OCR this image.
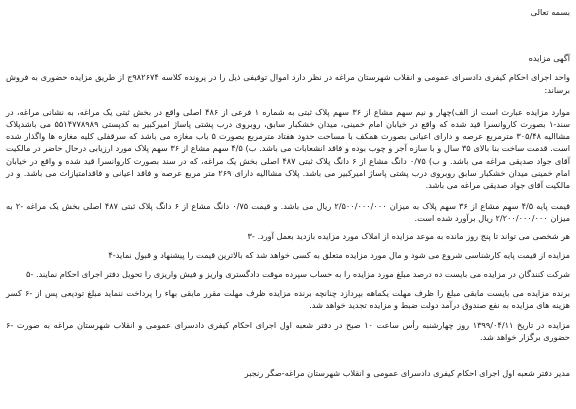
بسمه تعالی
آگهی مزایده
واحد اجرای احکام کیفری دادسرای عمومی و انقلاب شهرستان مراغه در نظر دارد اموال توقیفی ذیل را در پرونده کلاسه ۹۸۲۶۷۴ج از طریق مزایده حضوری به فروش برساند:
موارد مزایده عبارت است از الف)چهار و نیم سهم مشاع از ۳۶ سهم پلاک ثبتی به شماره ۱ فرعی از ۴۸۶ اصلی واقع در بخش ثبتی یک مراغه، به نشانی مراغه، در سند-۱ بصورت کاروانسرا قید شده که واقع در خیابان امام خمینی، میدان خشکبار سابق، روبروی درب پشتی پاساژ امیرکبیر به کدپستی ۵۵۱۴۷۷۸۹۸۹ می باشدپلاک مشاالیه ۳۰۵/۴۸ مترمربع عرصه و دارای اعیانی بصورت همکف با مساحت حدود هفتاد مترمربع بصورت ۵ باب مغازه می باشد که سرقفلی کلیه مغازه ها واگذار شده است. قدمت ساخت بنا بالای ۳۵ سال و با سازه آجر و چوب بوده و فاقد انشعابات می باشد. ب) ۴/۵ سهم مشاع از ۳۶ سهم پلاک مورد ارزیابی درحال حاضر در مالکیت آقای جواد صدیقی مراغه می باشد. و ب) ۰/۷۵ دانگ مشاع از ۶ دانگ پلاک ثبتی ۴۸۷ اصلی بخش یک مراغه، که در سند بصورت کاروانسرا قید شده و واقع در خیابان امام خمینی میدان خشکبار سابق روبروی درب پشتی پاساژ امیرکبیر می باشد. پلاک مشاالیه دارای ۲۶۹ متر مربع عرصه و فاقد اعیانی و فاقدامتیازات می باشد. و در مالکیت آقای جواد صدیقی مراغه می باشد.
قیمت پایه ۴/۵ سهم مشاع از ۳۶ سهم پلاک به میزان ۲/۵۰۰/۰۰۰/۰۰۰ ریال می باشد. و قیمت ۰/۷۵ دانگ مشاع از ۶ دانگ پلاک ثبتی ۴۸۷ اصلی بخش یک مراغه -۲ به میزان ۲/۲۰۰/۰۰۰/۰۰۰ ریال برآورد شده است.
هر شخصی می تواند تا پنج روز مانده به موعد مزایده از املاک مورد مزایده بازدید بعمل آورد. -۳
مزایده از قیمت پایه کارشناسی شروع می شود و مال مورد مزایده متعلق به کسی خواهد شد که بالاترین قیمت را پیشنهاد و قبول نماید-۴
شرکت کنندگان در مزایده می بایست ده درصد مبلغ مورد مزایده را به حساب سپرده موقت دادگستری واریز و فیش واریزی را تحویل دفتر اجرای احکام نمایند. -۵
برنده مزایده می بایست مابقی مبلغ را ظرف مهلت یکماهه بپردازد چنانچه برنده مزایده ظرف مهلت مقرر مابقی بهاء را پرداخت ننماید مبلغ تودیعی پس از -۶ کسر هزینه های مزایده به نفع صندوق درآمد دولت ضبط و مزایده تجدید خواهد شد.
مزایده در تاریخ ۱۳۹۹/۰۴/۱۱ روز چهارشنبه رأس ساعت ۱۰ صبح در دفتر شعبه اول اجرای احکام کیفری دادسرای عمومی و انقلاب شهرستان مراغه به صورت -۶ حضوری برگزار خواهد شد.
مدیر دفتر شعبه اول اجرای احکام کیفری دادسرای عمومی و انقلاب شهرستان مراغه-صگر رنجبر
